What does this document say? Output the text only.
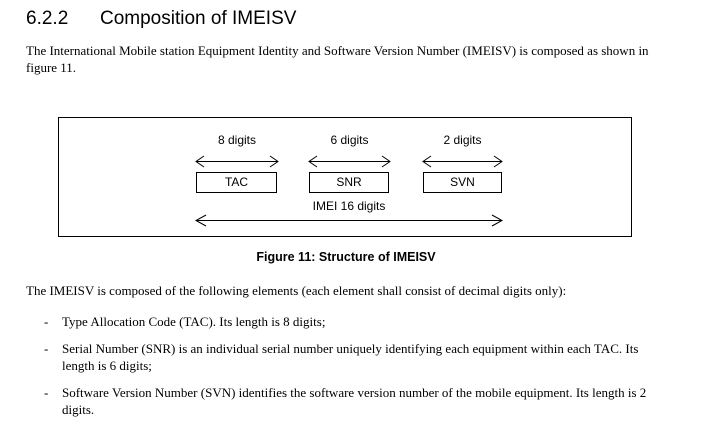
6.2.2 Composition of IMEISV
The International Mobile station Equipment Identity and Software Version Number (IMEISV) is composed as shown in figure 11.
8 digits	6 digits	2 digits
TAC	SNR	SVN
IMEI 16 digits
Figure 11: Structure of IMEISV
The IMEISV is composed of the following elements (each element shall consist of decimal digits only):
- Type Allocation Code (TAC). Its length is 8 digits;
- Serial Number (SNR) is an individual serial number uniquely identifying each equipment within each TAC. Its length is 6 digits;
- Software Version Number (SVN) identifies the software version number of the mobile equipment. Its length is 2 digits.
